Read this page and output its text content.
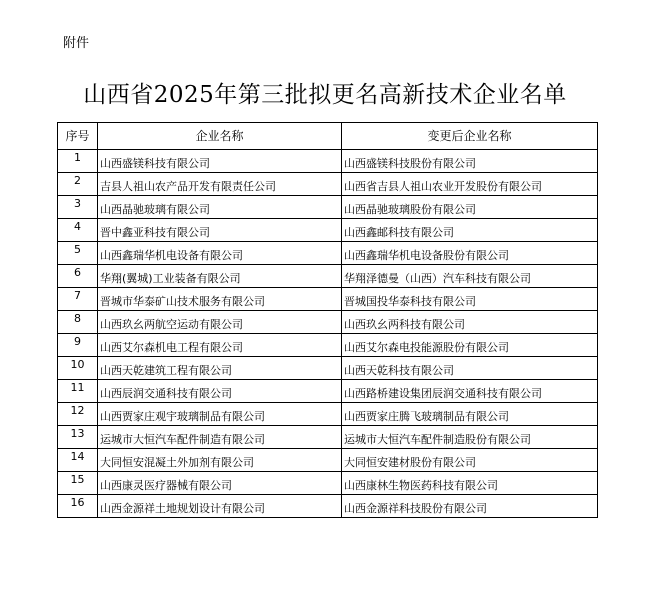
附件
山西省2025年第三批拟更名高新技术企业名单
序号	企业名称	变更后企业名称
1	山西盛镁科技有限公司	山西盛镁科技股份有限公司
2	吉县人祖山农产品开发有限责任公司	山西省吉县人祖山农业开发股份有限公司
3	山西晶驰玻璃有限公司	山西晶驰玻璃股份有限公司
4	晋中鑫亚科技有限公司	山西鑫邮科技有限公司
5	山西鑫瑞华机电设备有限公司	山西鑫瑞华机电设备股份有限公司
6	华翔(翼城)工业装备有限公司	华翔泽德曼（山西）汽车科技有限公司
7	晋城市华泰矿山技术服务有限公司	晋城国投华泰科技有限公司
8	山西玖幺两航空运动有限公司	山西玖幺两科技有限公司
9	山西艾尔森机电工程有限公司	山西艾尔森电投能源股份有限公司
10	山西天乾建筑工程有限公司	山西天乾科技有限公司
11	山西辰润交通科技有限公司	山西路桥建设集团辰润交通科技有限公司
12	山西贾家庄观宇玻璃制品有限公司	山西贾家庄腾飞玻璃制品有限公司
13	运城市大恒汽车配件制造有限公司	运城市大恒汽车配件制造股份有限公司
14	大同恒安混凝土外加剂有限公司	大同恒安建材股份有限公司
15	山西康灵医疗器械有限公司	山西康林生物医药科技有限公司
16	山西金源祥土地规划设计有限公司	山西金源祥科技股份有限公司
